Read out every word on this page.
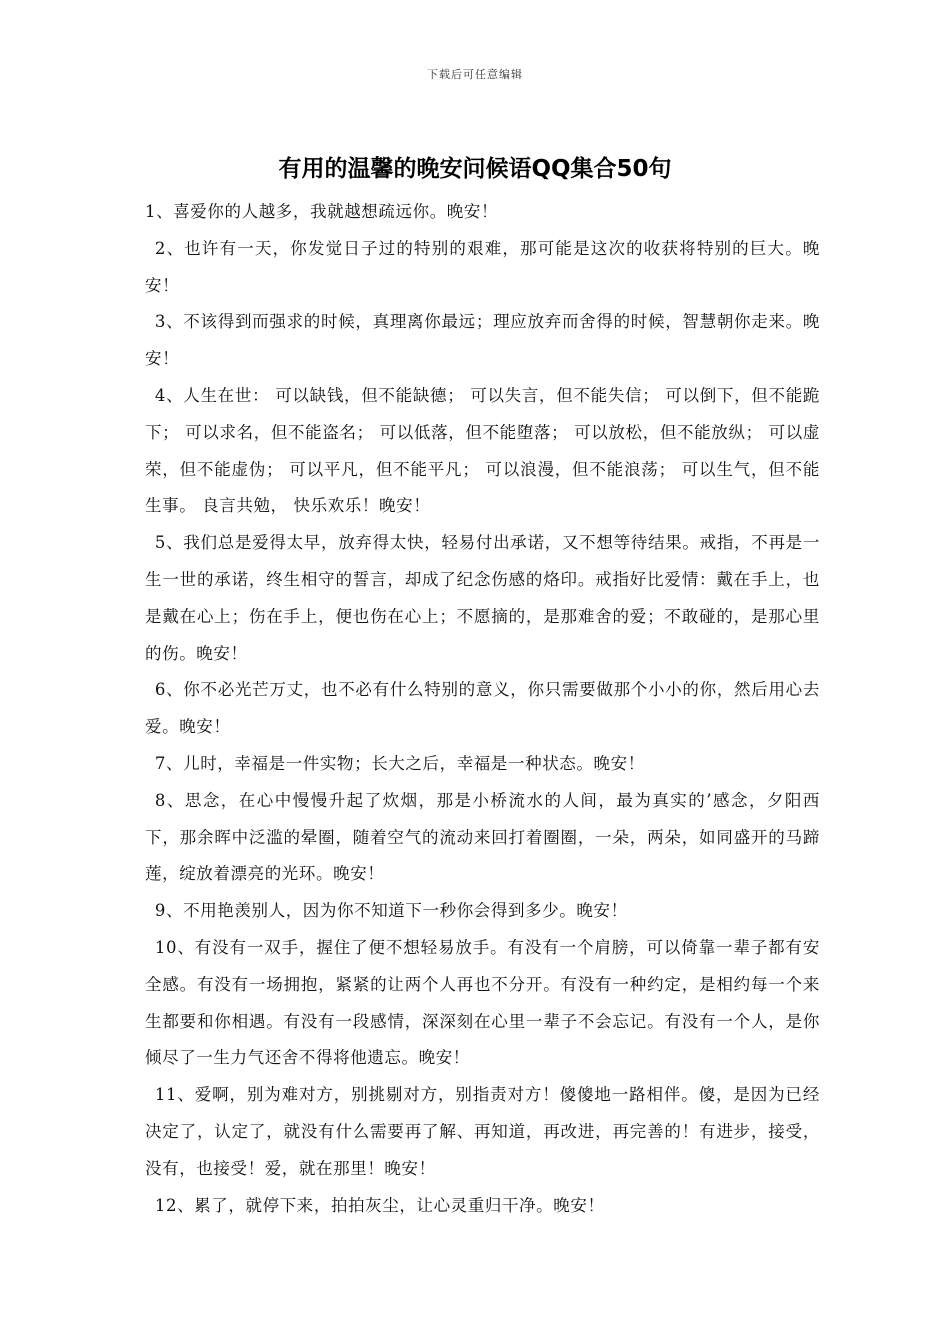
下载后可任意编辑
有用的温馨的晚安问候语QQ集合50句

1、喜爱你的人越多，我就越想疏远你。晚安！

2、也许有一天，你发觉日子过的特别的艰难，那可能是这次的收获将特别的巨大。晚安！

3、不该得到而强求的时候，真理离你最远；理应放弃而舍得的时候，智慧朝你走来。晚安！

4、人生在世： 可以缺钱，但不能缺德； 可以失言，但不能失信； 可以倒下，但不能跪下； 可以求名，但不能盗名； 可以低落，但不能堕落； 可以放松，但不能放纵； 可以虚荣，但不能虚伪； 可以平凡，但不能平凡； 可以浪漫，但不能浪荡； 可以生气，但不能生事。 良言共勉， 快乐欢乐！晚安！

5、我们总是爱得太早，放弃得太快，轻易付出承诺，又不想等待结果。戒指，不再是一生一世的承诺，终生相守的誓言，却成了纪念伤感的烙印。戒指好比爱情：戴在手上，也是戴在心上；伤在手上，便也伤在心上；不愿摘的，是那难舍的爱；不敢碰的，是那心里的伤。晚安！

6、你不必光芒万丈，也不必有什么特别的意义，你只需要做那个小小的你，然后用心去爱。晚安！

7、儿时，幸福是一件实物；长大之后，幸福是一种状态。晚安！

8、思念，在心中慢慢升起了炊烟，那是小桥流水的人间，最为真实的’感念，夕阳西下，那余晖中泛滥的晕圈，随着空气的流动来回打着圈圈，一朵，两朵，如同盛开的马蹄莲，绽放着漂亮的光环。晚安！

9、不用艳羡别人，因为你不知道下一秒你会得到多少。晚安！

10、有没有一双手，握住了便不想轻易放手。有没有一个肩膀，可以倚靠一辈子都有安全感。有没有一场拥抱，紧紧的让两个人再也不分开。有没有一种约定，是相约每一个来生都要和你相遇。有没有一段感情，深深刻在心里一辈子不会忘记。有没有一个人，是你倾尽了一生力气还舍不得将他遗忘。晚安！

11、爱啊，别为难对方，别挑剔对方，别指责对方！傻傻地一路相伴。傻，是因为已经决定了，认定了，就没有什么需要再了解、再知道，再改进，再完善的！有进步，接受，没有，也接受！爱，就在那里！晚安！

12、累了，就停下来，拍拍灰尘，让心灵重归干净。晚安！
